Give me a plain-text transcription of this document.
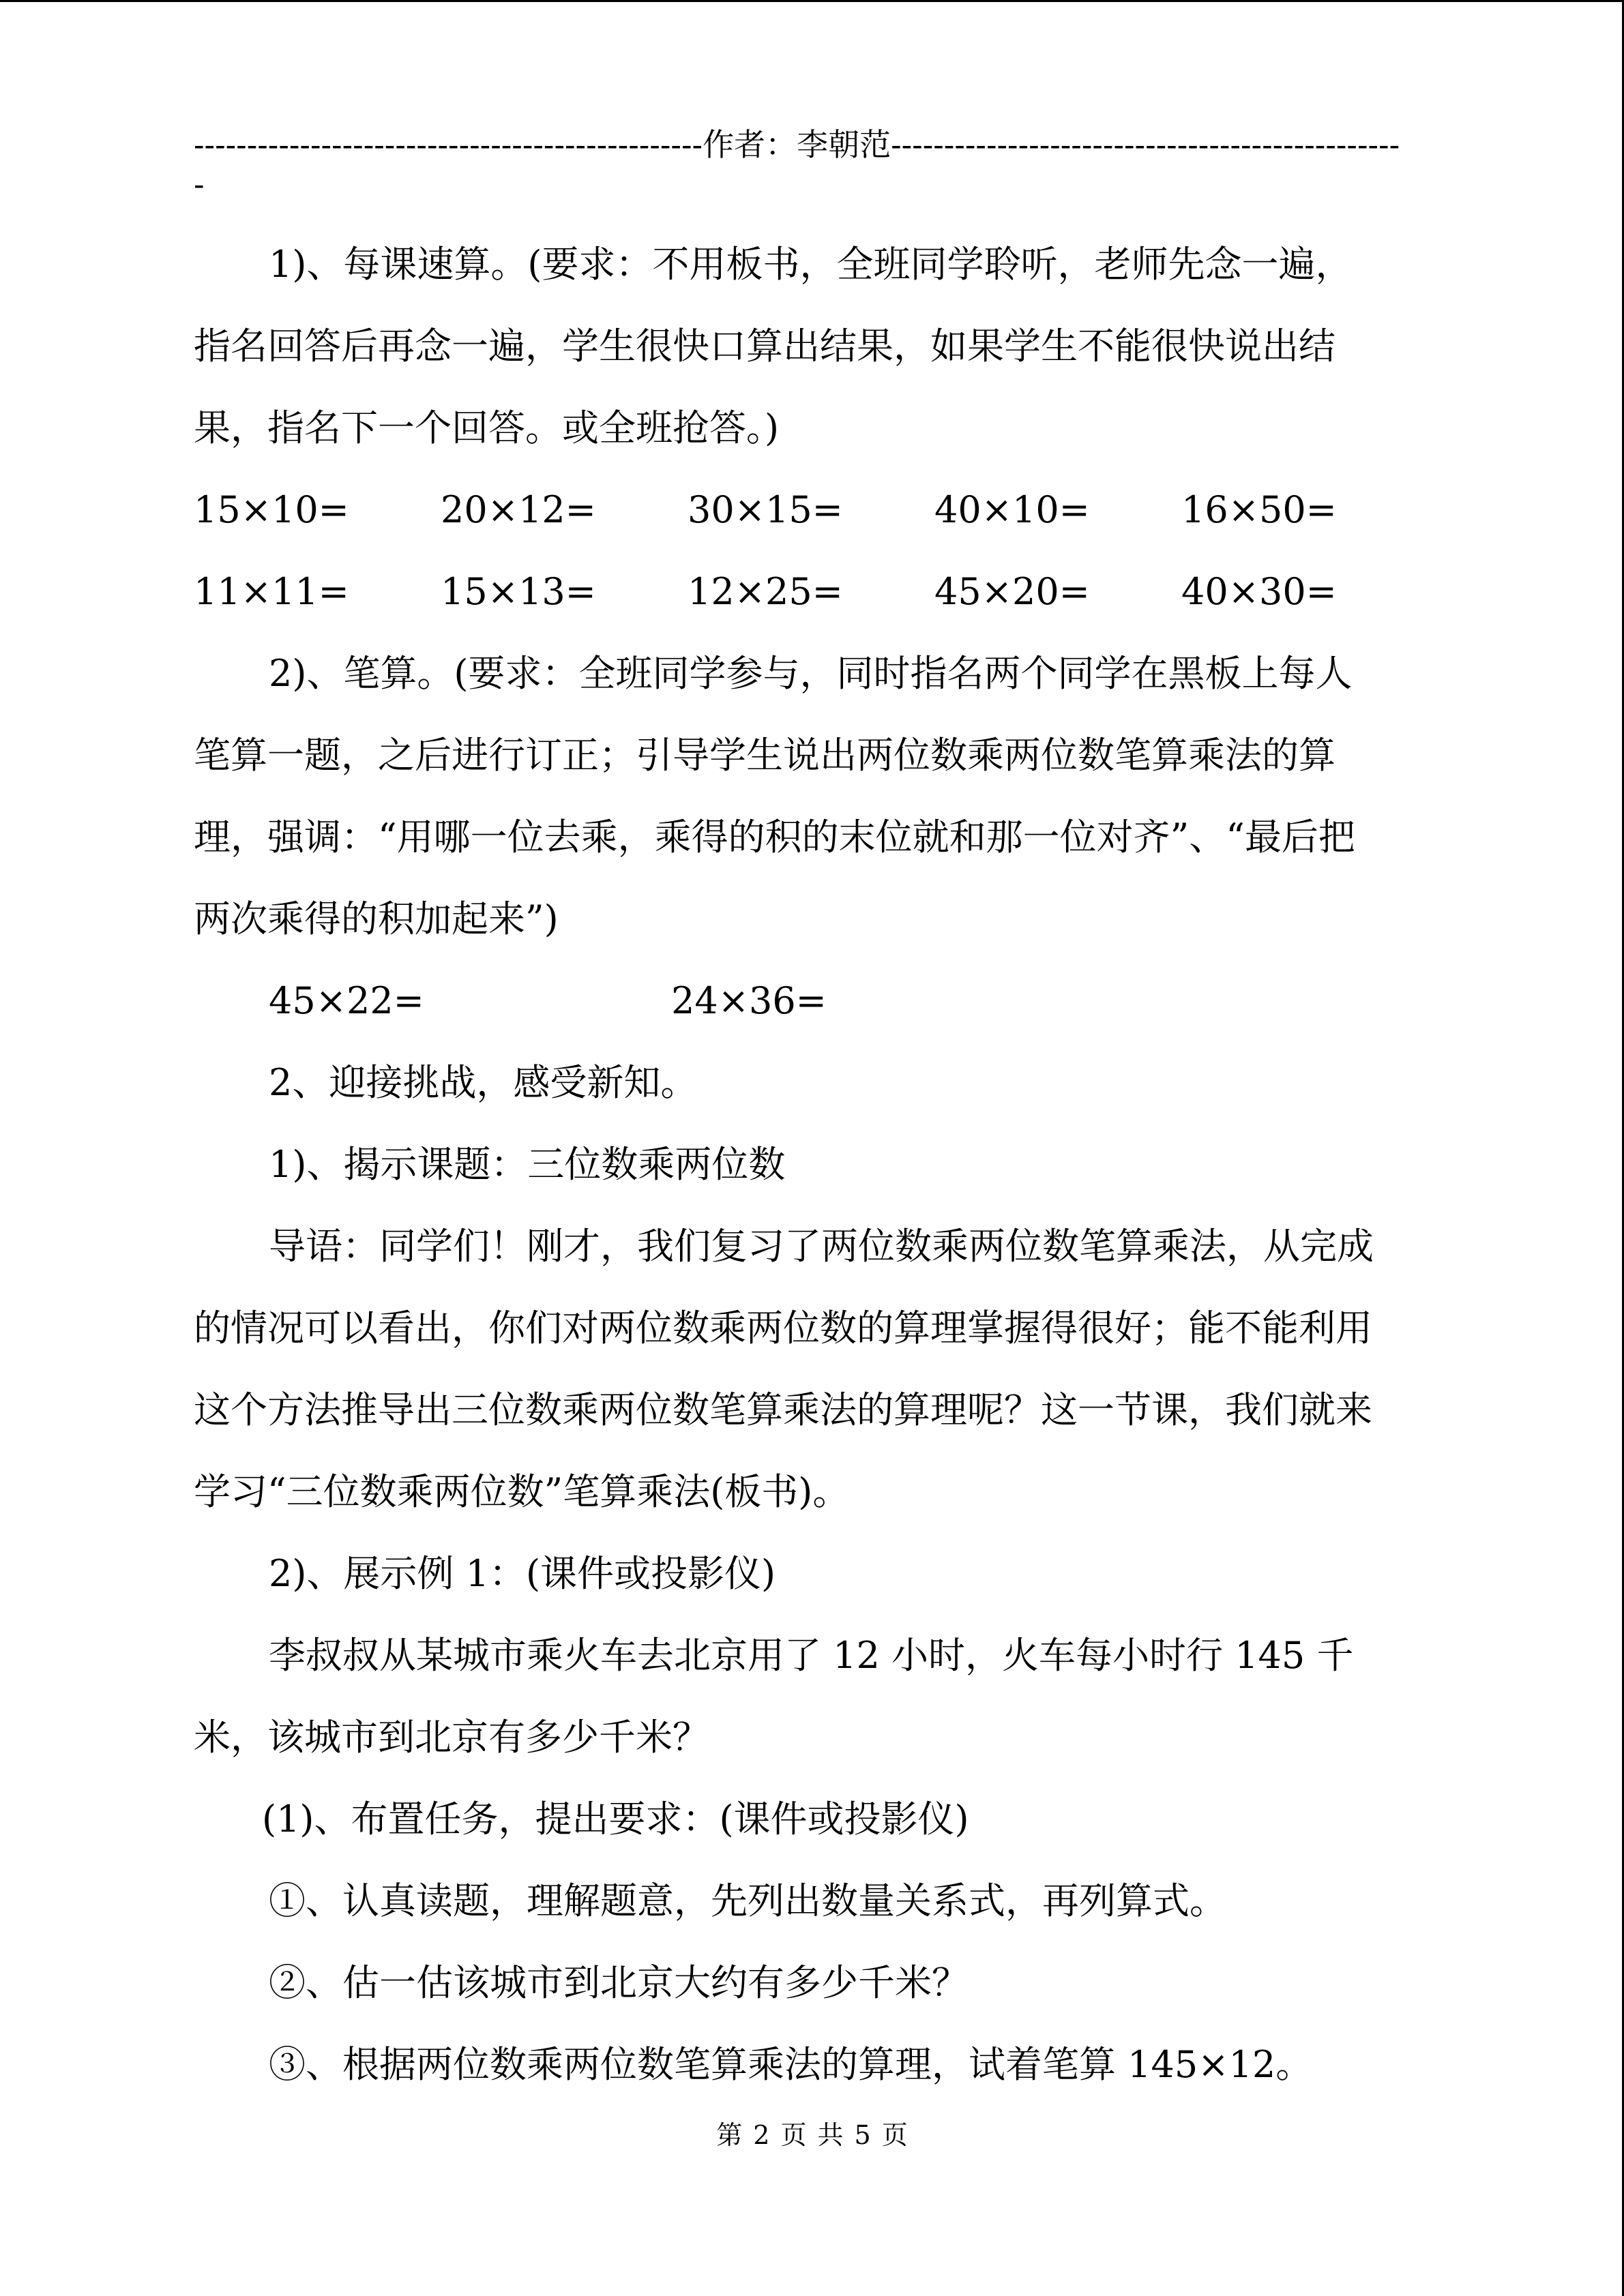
------------------------------------------------作者：李朝范------------------------------------------------
-

1)、每课速算。(要求：不用板书，全班同学聆听，老师先念一遍，

指名回答后再念一遍，学生很快口算出结果，如果学生不能很快说出结

果，指名下一个回答。或全班抢答。)

15×10=	20×12=	30×15=	40×10=	16×50=
11×11=	15×13=	12×25=	45×20=	40×30=

2)、笔算。(要求：全班同学参与，同时指名两个同学在黑板上每人

笔算一题，之后进行订正；引导学生说出两位数乘两位数笔算乘法的算

理，强调：“用哪一位去乘，乘得的积的末位就和那一位对齐”、“最后把

两次乘得的积加起来”)

45×22=	24×36=

2、迎接挑战，感受新知。

1)、揭示课题：三位数乘两位数

导语：同学们！刚才，我们复习了两位数乘两位数笔算乘法，从完成

的情况可以看出，你们对两位数乘两位数的算理掌握得很好；能不能利用

这个方法推导出三位数乘两位数笔算乘法的算理呢？这一节课，我们就来

学习“三位数乘两位数”笔算乘法(板书)。

2)、展示例 1：(课件或投影仪)

李叔叔从某城市乘火车去北京用了 12 小时，火车每小时行 145 千

米，该城市到北京有多少千米？

(1)、布置任务，提出要求：(课件或投影仪)

①、认真读题，理解题意，先列出数量关系式，再列算式。

②、估一估该城市到北京大约有多少千米？

③、根据两位数乘两位数笔算乘法的算理，试着笔算 145×12。

第 2 页 共 5 页
